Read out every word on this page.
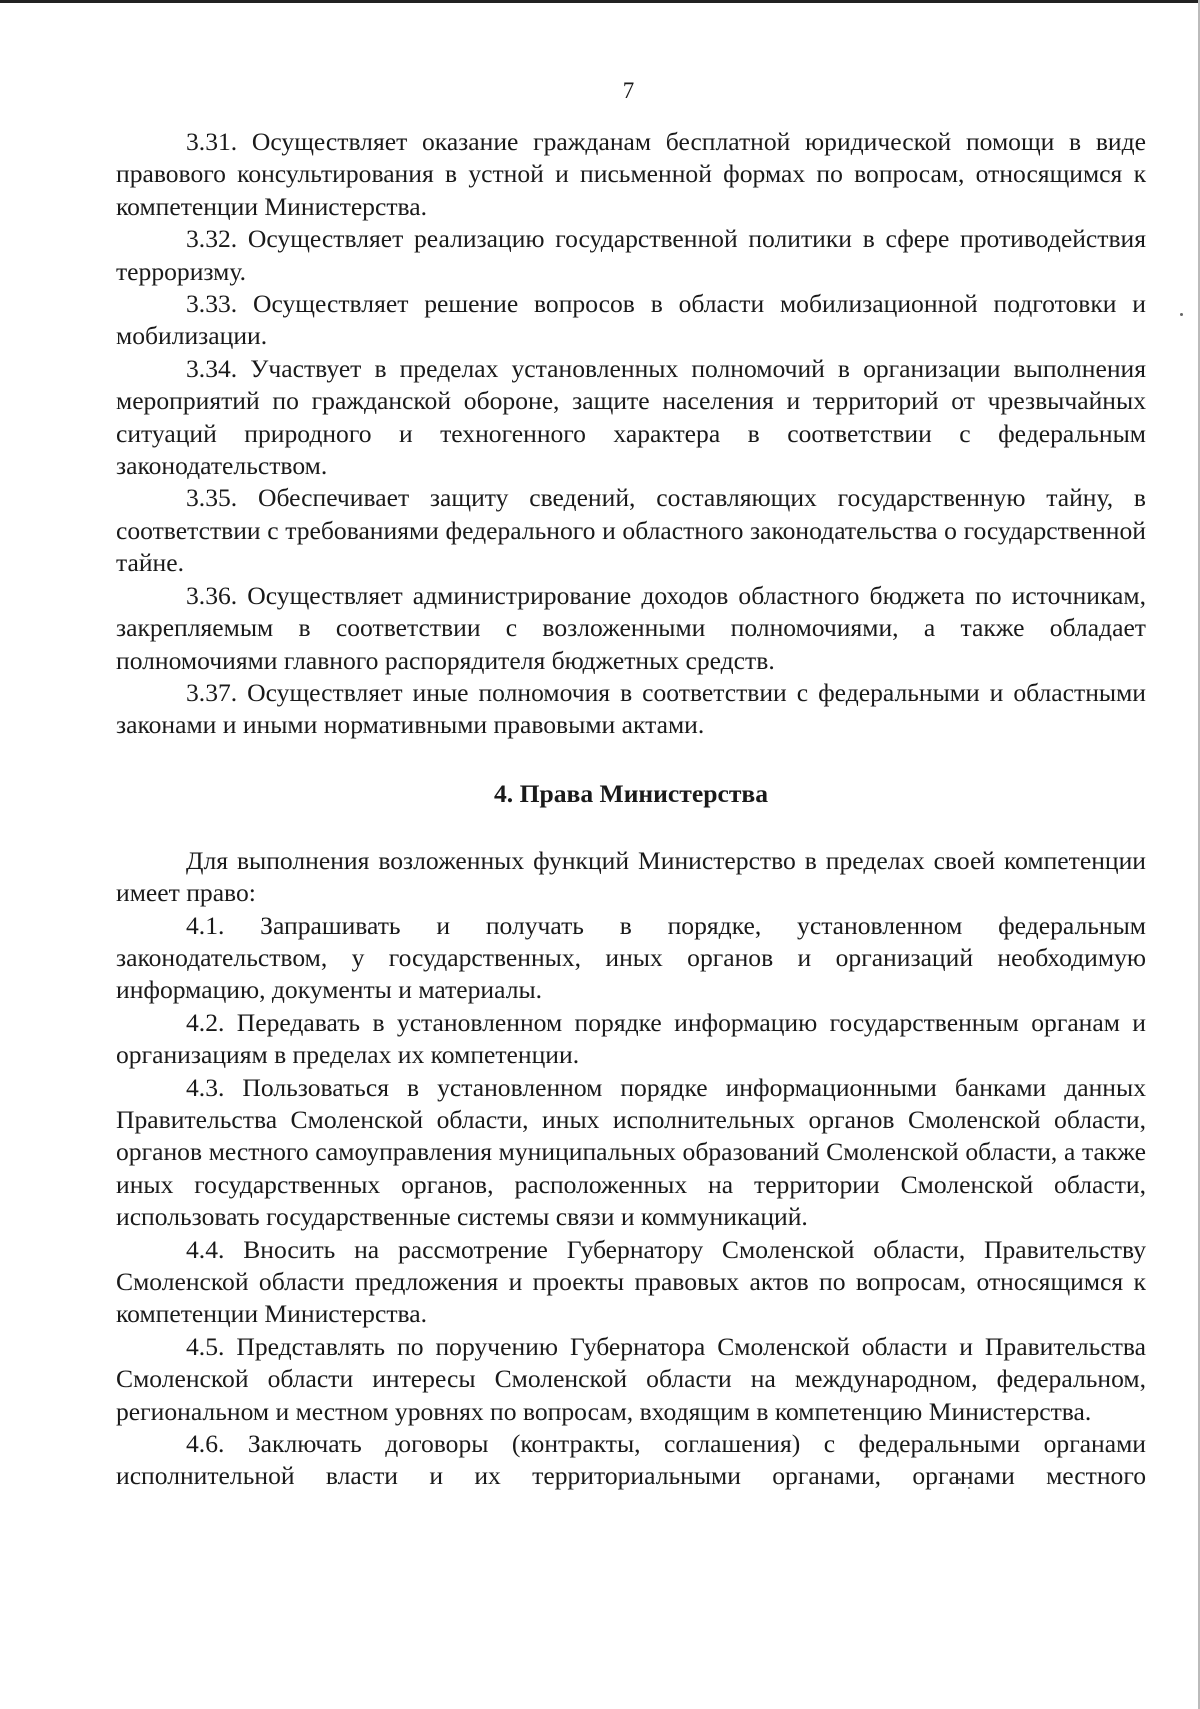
7

3.31. Осуществляет оказание гражданам бесплатной юридической помощи в виде правового консультирования в устной и письменной формах по вопросам, относящимся к компетенции Министерства.

3.32. Осуществляет реализацию государственной политики в сфере противодействия терроризму.

3.33. Осуществляет решение вопросов в области мобилизационной подготовки и мобилизации.

3.34. Участвует в пределах установленных полномочий в организации выполнения мероприятий по гражданской обороне, защите населения и территорий от чрезвычайных ситуаций природного и техногенного характера в соответствии с федеральным законодательством.

3.35. Обеспечивает защиту сведений, составляющих государственную тайну, в соответствии с требованиями федерального и областного законодательства о государственной тайне.

3.36. Осуществляет администрирование доходов областного бюджета по источникам, закрепляемым в соответствии с возложенными полномочиями, а также обладает полномочиями главного распорядителя бюджетных средств.

3.37. Осуществляет иные полномочия в соответствии с федеральными и областными законами и иными нормативными правовыми актами.

4. Права Министерства

Для выполнения возложенных функций Министерство в пределах своей компетенции имеет право:

4.1. Запрашивать и получать в порядке, установленном федеральным законодательством, у государственных, иных органов и организаций необходимую информацию, документы и материалы.

4.2. Передавать в установленном порядке информацию государственным органам и организациям в пределах их компетенции.

4.3. Пользоваться в установленном порядке информационными банками данных Правительства Смоленской области, иных исполнительных органов Смоленской области, органов местного самоуправления муниципальных образований Смоленской области, а также иных государственных органов, расположенных на территории Смоленской области, использовать государственные системы связи и коммуникаций.

4.4. Вносить на рассмотрение Губернатору Смоленской области, Правительству Смоленской области предложения и проекты правовых актов по вопросам, относящимся к компетенции Министерства.

4.5. Представлять по поручению Губернатора Смоленской области и Правительства Смоленской области интересы Смоленской области на международном, федеральном, региональном и местном уровнях по вопросам, входящим в компетенцию Министерства.

4.6. Заключать договоры (контракты, соглашения) с федеральными органами исполнительной власти и их территориальными органами, органами местного
